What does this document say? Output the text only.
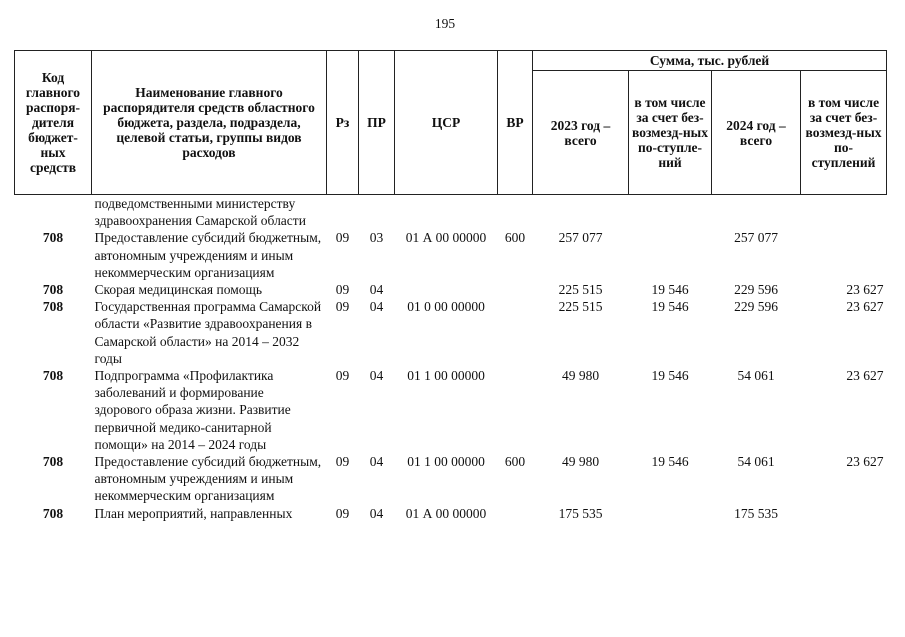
195
Код главного распоря-дителя бюджет-ных средств	Наименование главного распорядителя средств областного бюджета, раздела, подраздела, целевой статьи, группы видов расходов	Рз	ПР	ЦСР	ВР	Сумма, тыс. рублей			
						2023 год – всего	в том числе за счет без-возмезд-ных по-ступле-ний	2024 год – всего	в том числе за счет без-возмезд-ных по-ступлений
	подведомственными министерству здравоохранения Самарской области								
708	Предоставление субсидий бюджетным, автономным учреждениям и иным некоммерческим организациям	09	03	01 А 00 00000	600	257 077		257 077	
708	Скорая медицинская помощь	09	04			225 515	19 546	229 596	23 627
708	Государственная программа Самарской области «Развитие здравоохранения в Самарской области» на 2014 – 2032 годы	09	04	01 0 00 00000		225 515	19 546	229 596	23 627
708	Подпрограмма «Профилактика заболеваний и формирование здорового образа жизни. Развитие первичной медико-санитарной помощи» на 2014 – 2024 годы	09	04	01 1 00 00000		49 980	19 546	54 061	23 627
708	Предоставление субсидий бюджетным, автономным учреждениям и иным некоммерческим организациям	09	04	01 1 00 00000	600	49 980	19 546	54 061	23 627
708	План мероприятий, направленных	09	04	01 А 00 00000		175 535		175 535	
